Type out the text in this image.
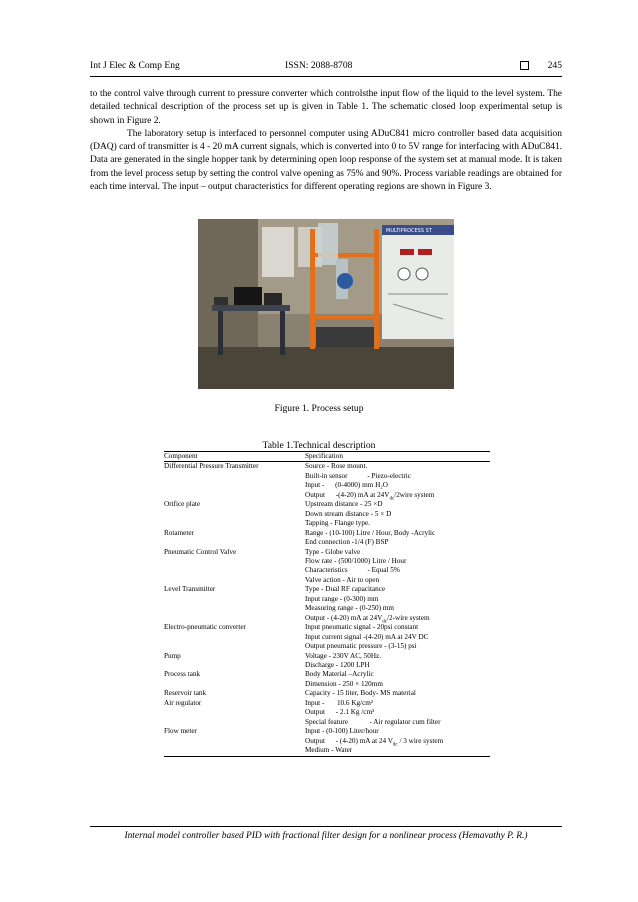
Int J Elec & Comp Eng	ISSN: 2088-8708	245

to the control valve through current to pressure converter which controlsthe input flow of the liquid to the level system. The detailed technical description of the process set up is given in Table 1. The schematic closed loop experimental setup is shown in Figure 2.

The laboratory setup is interfaced to personnel computer using ADuC841 micro controller based data acquisition (DAQ) card of transmitter is 4 - 20 mA current signals, which is converted into 0 to 5V range for interfacing with ADuC841. Data are generated in the single hopper tank by determining open loop response of the system set at manual mode. It is taken from the level process setup by setting the control valve opening as 75% and 90%. Process variable readings are obtained for each time interval. The input – output characteristics for different operating regions are shown in Figure 3.

MULTIPROCESS ST
Figure 1. Process setup
Table 1.Technical description
Component	Specification
Differential Pressure Transmitter	Source - Rose mount.
Built-in sensor           - Piezo-electric
Input -      (0-4000) mm H₂O
Output      -(4-20) mA at $24V_{dc}/2wire$ system
Orifice plate	Upstream distance - 25 ×D
Down stream distance - 5 × D
Tapping - Flange type.
Rotameter	Range - (10-100) Litre / Hour, Body -Acrylic
End connection -1/4 (F) BSP
Pneumatic Control Valve	Type - Globe valve
Flow rate - (500/1000) Litre / Hour
Characteristics           - Equal 5%
Valve action - Air to open
Level Transmitter	Type - Dual RF capacitance
Input range - (0-300) mm
Measuring range - (0-250) mm
Output - (4-20) mA at $24V_{dc}/2$-wire system
Electro-pneumatic converter	Input pneumatic signal - 20psi constant
Input current signal -(4-20) mA at 24V DC
Output pneumatic pressure - (3-15) psi
Pump	Voltage - 230V AC, 50Hz.
Discharge - 1200 LPH
Process tank	Body Material –Acrylic
Dimension - 250 × 120mm
Reservoir tank	Capacity - 15 liter, Body- MS material
Air regulator	Input -       10.6 Kg/cm²
Output      - 2.1 Kg /cm²
Special feature            - Air regulator cum filter
Flow meter	Input - (0-100) Liter/hour
Output      - (4-20) mA at 24 $V_{dc} / 3$ wire system
Medium - Water
Internal model controller based PID with fractional filter design for a nonlinear process (Hemavathy P. R.)
